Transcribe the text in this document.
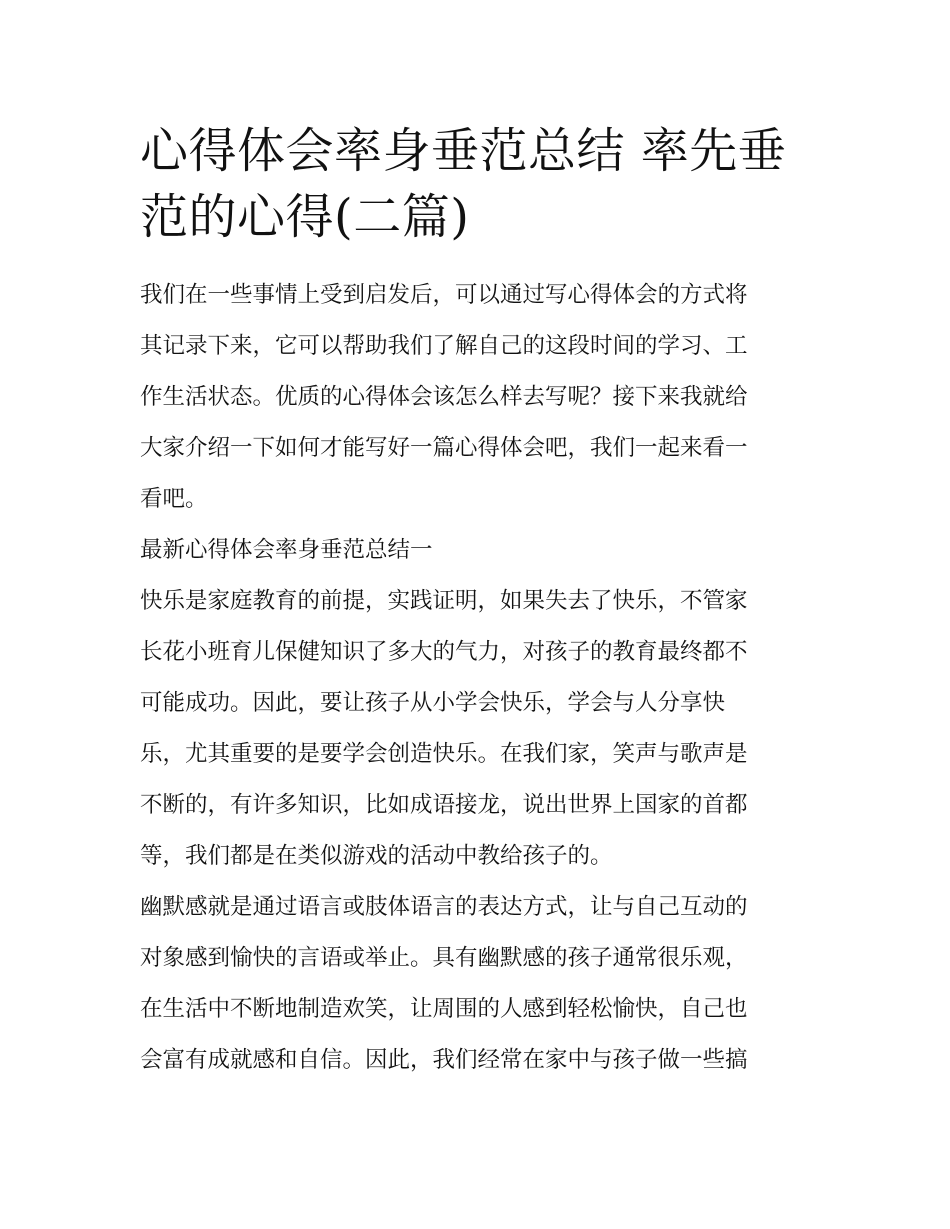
心得体会率身垂范总结 率先垂
范的心得(二篇)

我们在一些事情上受到启发后，可以通过写心得体会的方式将
其记录下来，它可以帮助我们了解自己的这段时间的学习、工
作生活状态。优质的心得体会该怎么样去写呢？接下来我就给
大家介绍一下如何才能写好一篇心得体会吧，我们一起来看一
看吧。

最新心得体会率身垂范总结一

快乐是家庭教育的前提，实践证明，如果失去了快乐，不管家
长花小班育儿保健知识了多大的气力，对孩子的教育最终都不
可能成功。因此，要让孩子从小学会快乐，学会与人分享快
乐，尤其重要的是要学会创造快乐。在我们家，笑声与歌声是
不断的，有许多知识，比如成语接龙，说出世界上国家的首都
等，我们都是在类似游戏的活动中教给孩子的。

幽默感就是通过语言或肢体语言的表达方式，让与自己互动的
对象感到愉快的言语或举止。具有幽默感的孩子通常很乐观，
在生活中不断地制造欢笑，让周围的人感到轻松愉快，自己也
会富有成就感和自信。因此，我们经常在家中与孩子做一些搞
